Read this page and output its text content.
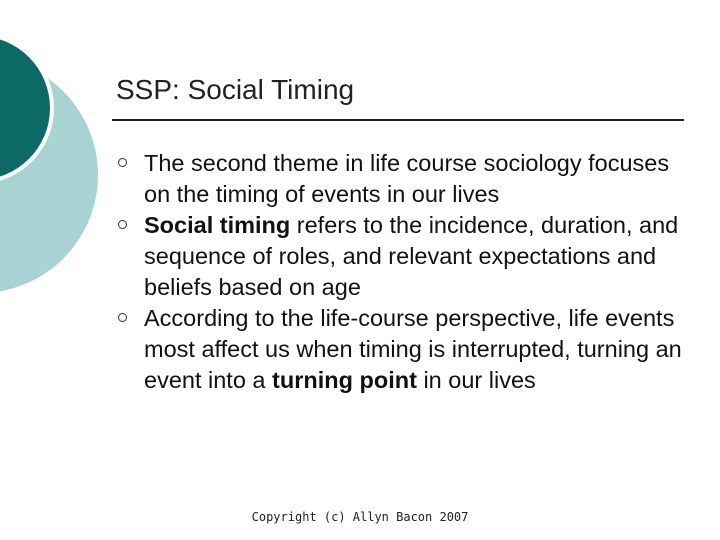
SSP: Social Timing
The second theme in life course sociology focuses on the timing of events in our lives
Social timing refers to the incidence, duration, and sequence of roles, and relevant expectations and beliefs based on age
According to the life-course perspective, life events most affect us when timing is interrupted, turning an event into a turning point in our lives
Copyright (c) Allyn Bacon 2007
